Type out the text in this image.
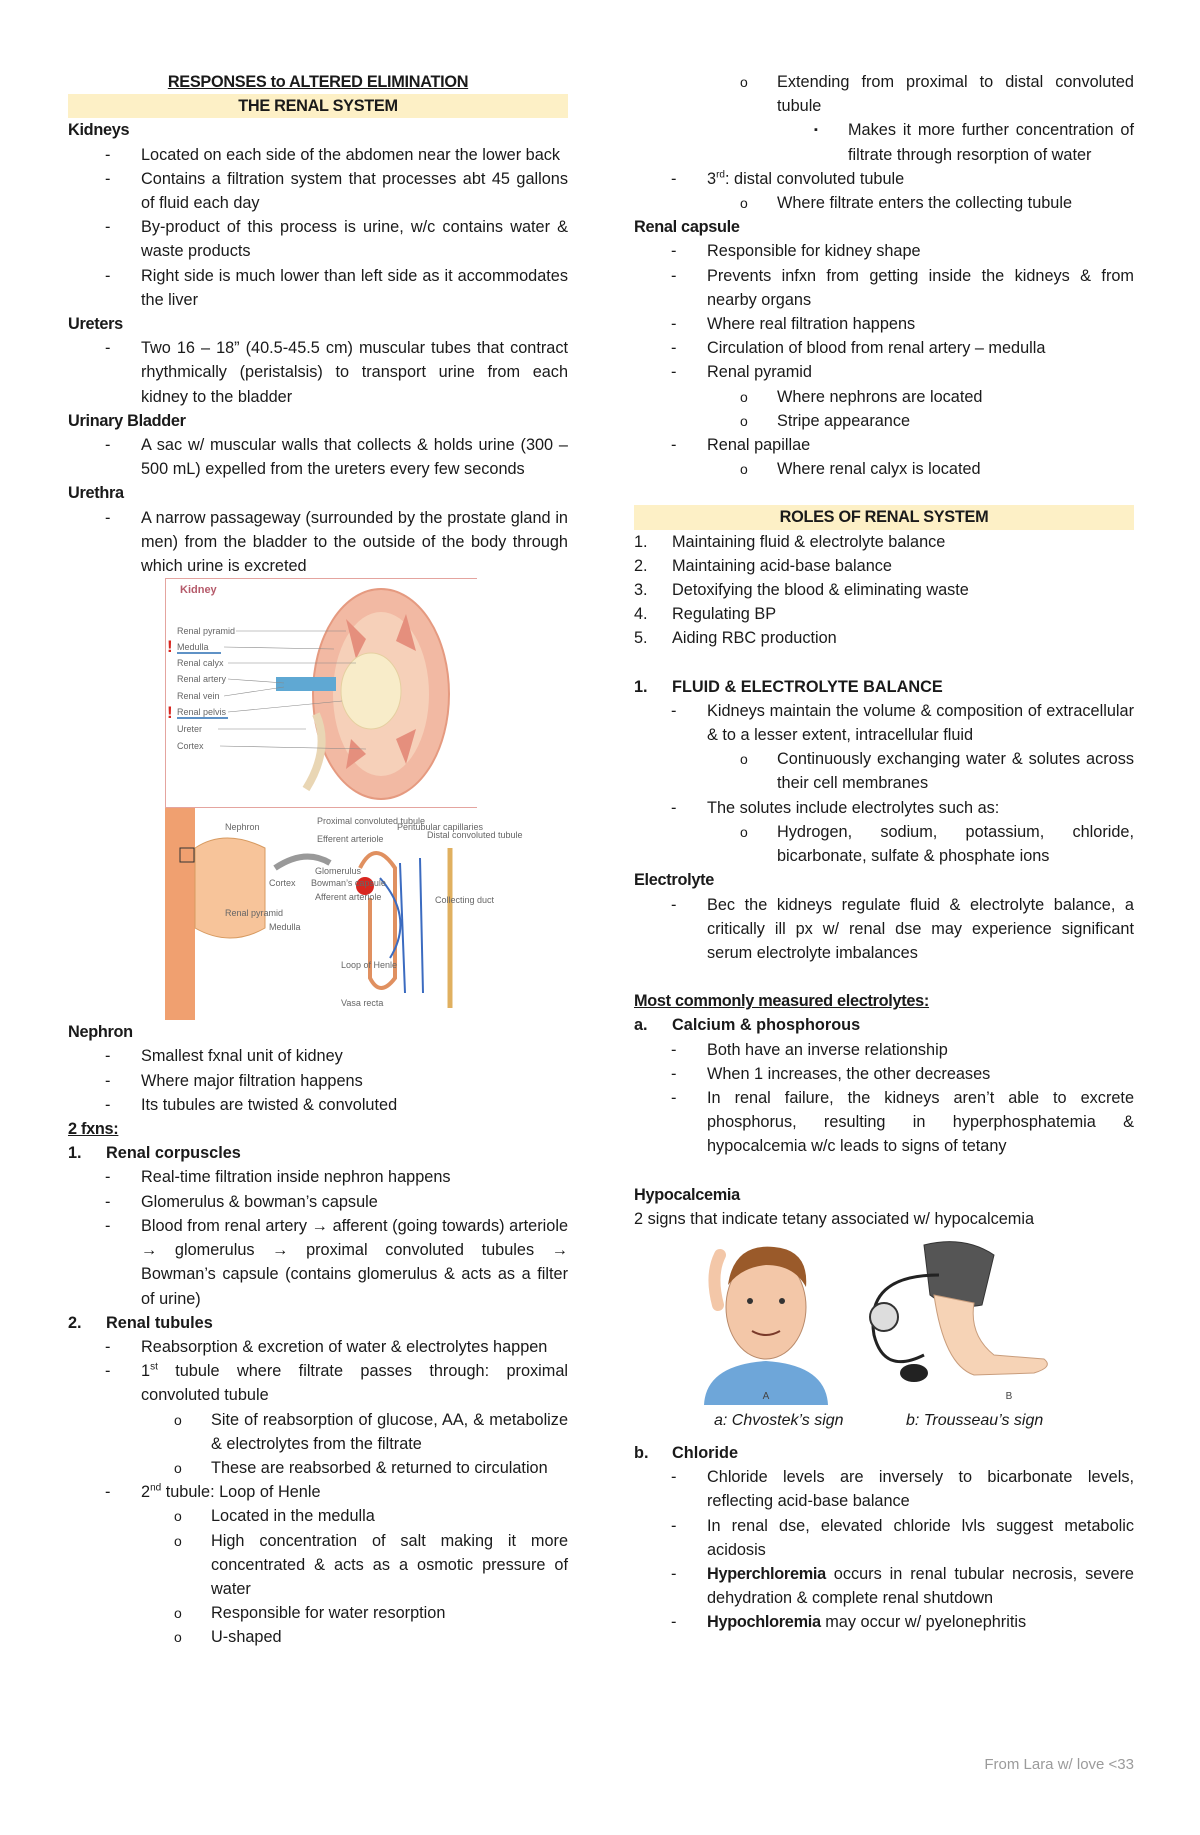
RESPONSES to ALTERED ELIMINATION
THE RENAL SYSTEM
Kidneys
- Located on each side of the abdomen near the lower back
- Contains a filtration system that processes abt 45 gallons of fluid each day
- By-product of this process is urine, w/c contains water & waste products
- Right side is much lower than left side as it accommodates the liver
Ureters
- Two 16 – 18” (40.5-45.5 cm) muscular tubes that contract rhythmically (peristalsis) to transport urine from each kidney to the bladder
Urinary Bladder
- A sac w/ muscular walls that collects & holds urine (300 – 500 mL) expelled from the ureters every few seconds
Urethra
- A narrow passageway (surrounded by the prostate gland in men) from the bladder to the outside of the body through which urine is excreted
Kidney
Renal pyramid
Medulla
Renal calyx
Renal artery
Renal vein
Renal pelvis
Ureter
Cortex
!
!
Nephron
Cortex
Renal pyramid
Medulla
Proximal convoluted tubule
Efferent arteriole
Glomerulus
Bowman’s capsule
Afferent arteriole
Peritubular capillaries
Distal convoluted tubule
Collecting duct
Loop of Henle
Vasa recta
Nephron
- Smallest fxnal unit of kidney
- Where major filtration happens
- Its tubules are twisted & convoluted
2 fxns:
1. Renal corpuscles
- Real-time filtration inside nephron happens
- Glomerulus & bowman’s capsule
- Blood from renal artery → afferent (going towards) arteriole → glomerulus → proximal convoluted tubules → Bowman’s capsule (contains glomerulus & acts as a filter of urine)
2. Renal tubules
- Reabsorption & excretion of water & electrolytes happen
- 1st tubule where filtrate passes through: proximal convoluted tubule
o Site of reabsorption of glucose, AA, & metabolize & electrolytes from the filtrate
o These are reabsorbed & returned to circulation
- 2nd tubule: Loop of Henle
o Located in the medulla
o High concentration of salt making it more concentrated & acts as a osmotic pressure of water
o Responsible for water resorption
o U-shaped
o Extending from proximal to distal convoluted tubule
▪ Makes it more further concentration of filtrate through resorption of water
- 3rd: distal convoluted tubule
o Where filtrate enters the collecting tubule
Renal capsule
- Responsible for kidney shape
- Prevents infxn from getting inside the kidneys & from nearby organs
- Where real filtration happens
- Circulation of blood from renal artery – medulla
- Renal pyramid
o Where nephrons are located
o Stripe appearance
- Renal papillae
o Where renal calyx is located
ROLES OF RENAL SYSTEM
1. Maintaining fluid & electrolyte balance
2. Maintaining acid-base balance
3. Detoxifying the blood & eliminating waste
4. Regulating BP
5. Aiding RBC production
1. FLUID & ELECTROLYTE BALANCE
- Kidneys maintain the volume & composition of extracellular & to a lesser extent, intracellular fluid
o Continuously exchanging water & solutes across their cell membranes
- The solutes include electrolytes such as:
o Hydrogen, sodium, potassium, chloride, bicarbonate, sulfate & phosphate ions
Electrolyte
- Bec the kidneys regulate fluid & electrolyte balance, a critically ill px w/ renal dse may experience significant serum electrolyte imbalances
Most commonly measured electrolytes:
a. Calcium & phosphorous
- Both have an inverse relationship
- When 1 increases, the other decreases
- In renal failure, the kidneys aren’t able to excrete phosphorus, resulting in hyperphosphatemia & hypocalcemia w/c leads to signs of tetany
Hypocalcemia
2 signs that indicate tetany associated w/ hypocalcemia
A	B
a: Chvostek’s sign	b: Trousseau’s sign
b. Chloride
- Chloride levels are inversely to bicarbonate levels, reflecting acid-base balance
- In renal dse, elevated chloride lvls suggest metabolic acidosis
- Hyperchloremia occurs in renal tubular necrosis, severe dehydration & complete renal shutdown
- Hypochloremia may occur w/ pyelonephritis
From Lara w/ love <33
